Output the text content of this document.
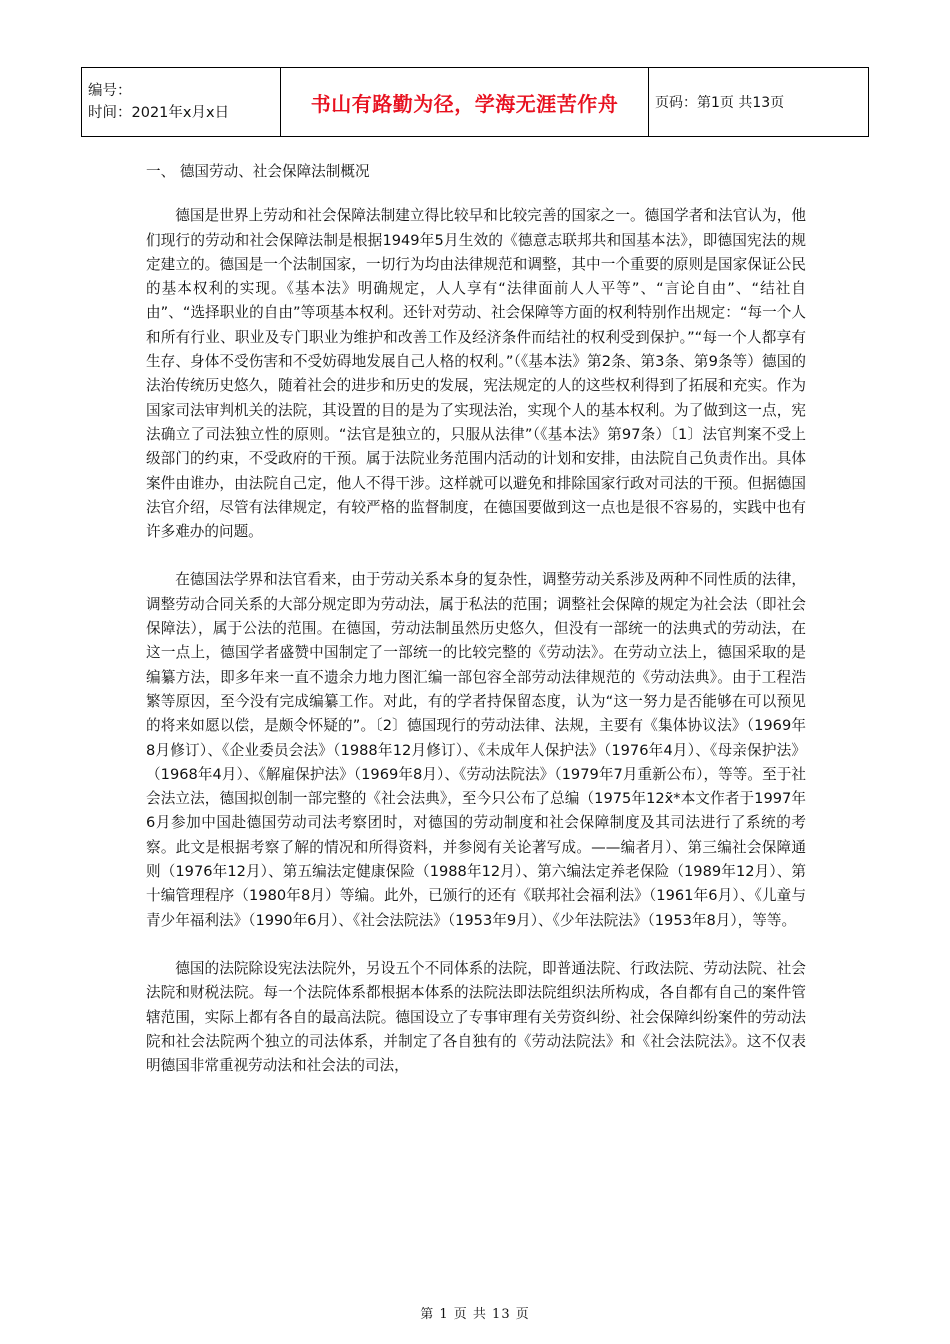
编号：
时间：2021年x月x日	书山有路勤为径，学海无涯苦作舟	页码：第1页 共13页
一、 德国劳动、社会保障法制概况

德国是世界上劳动和社会保障法制建立得比较早和比较完善的国家之一。德国学者和法官认为，他们现行的劳动和社会保障法制是根据1949年5月生效的《德意志联邦共和国基本法》，即德国宪法的规定建立的。德国是一个法制国家，一切行为均由法律规范和调整，其中一个重要的原则是国家保证公民的基本权利的实现。《基本法》明确规定，人人享有“法律面前人人平等”、“言论自由”、“结社自由”、“选择职业的自由”等项基本权利。还针对劳动、社会保障等方面的权利特别作出规定：“每一个人和所有行业、职业及专门职业为维护和改善工作及经济条件而结社的权利受到保护。”“每一个人都享有生存、身体不受伤害和不受妨碍地发展自己人格的权利。”（《基本法》第2条、第3条、第9条等）德国的法治传统历史悠久，随着社会的进步和历史的发展，宪法规定的人的这些权利得到了拓展和充实。作为国家司法审判机关的法院，其设置的目的是为了实现法治，实现个人的基本权利。为了做到这一点，宪法确立了司法独立性的原则。“法官是独立的，只服从法律”（《基本法》第97条）〔1〕法官判案不受上级部门的约束，不受政府的干预。属于法院业务范围内活动的计划和安排，由法院自己负责作出。具体案件由谁办，由法院自己定，他人不得干涉。这样就可以避免和排除国家行政对司法的干预。但据德国法官介绍，尽管有法律规定，有较严格的监督制度，在德国要做到这一点也是很不容易的，实践中也有许多难办的问题。

在德国法学界和法官看来，由于劳动关系本身的复杂性，调整劳动关系涉及两种不同性质的法律，调整劳动合同关系的大部分规定即为劳动法，属于私法的范围；调整社会保障的规定为社会法（即社会保障法），属于公法的范围。在德国，劳动法制虽然历史悠久，但没有一部统一的法典式的劳动法，在这一点上，德国学者盛赞中国制定了一部统一的比较完整的《劳动法》。在劳动立法上，德国采取的是编纂方法，即多年来一直不遗余力地力图汇编一部包容全部劳动法律规范的《劳动法典》。由于工程浩繁等原因，至今没有完成编纂工作。对此，有的学者持保留态度，认为“这一努力是否能够在可以预见的将来如愿以偿，是颇令怀疑的”。〔2〕德国现行的劳动法律、法规，主要有《集体协议法》（1969年8月修订）、《企业委员会法》（1988年12月修订）、《未成年人保护法》（1976年4月）、《母亲保护法》（1968年4月）、《解雇保护法》（1969年8月）、《劳动法院法》（1979年7月重新公布），等等。至于社会法立法，德国拟创制一部完整的《社会法典》，至今只公布了总编（1975年12x̃*本文作者于1997年6月参加中国赴德国劳动司法考察团时，对德国的劳动制度和社会保障制度及其司法进行了系统的考察。此文是根据考察了解的情况和所得资料，并参阅有关论著写成。——编者月）、第三编社会保障通则（1976年12月）、第五编法定健康保险（1988年12月）、第六编法定养老保险（1989年12月）、第十编管理程序（1980年8月）等编。此外，已颁行的还有《联邦社会福利法》（1961年6月）、《儿童与青少年福利法》（1990年6月）、《社会法院法》（1953年9月）、《少年法院法》（1953年8月），等等。

德国的法院除设宪法法院外，另设五个不同体系的法院，即普通法院、行政法院、劳动法院、社会法院和财税法院。每一个法院体系都根据本体系的法院法即法院组织法所构成，各自都有自己的案件管辖范围，实际上都有各自的最高法院。德国设立了专事审理有关劳资纠纷、社会保障纠纷案件的劳动法院和社会法院两个独立的司法体系，并制定了各自独有的《劳动法院法》和《社会法院法》。这不仅表明德国非常重视劳动法和社会法的司法，

第 1 页 共 13 页
